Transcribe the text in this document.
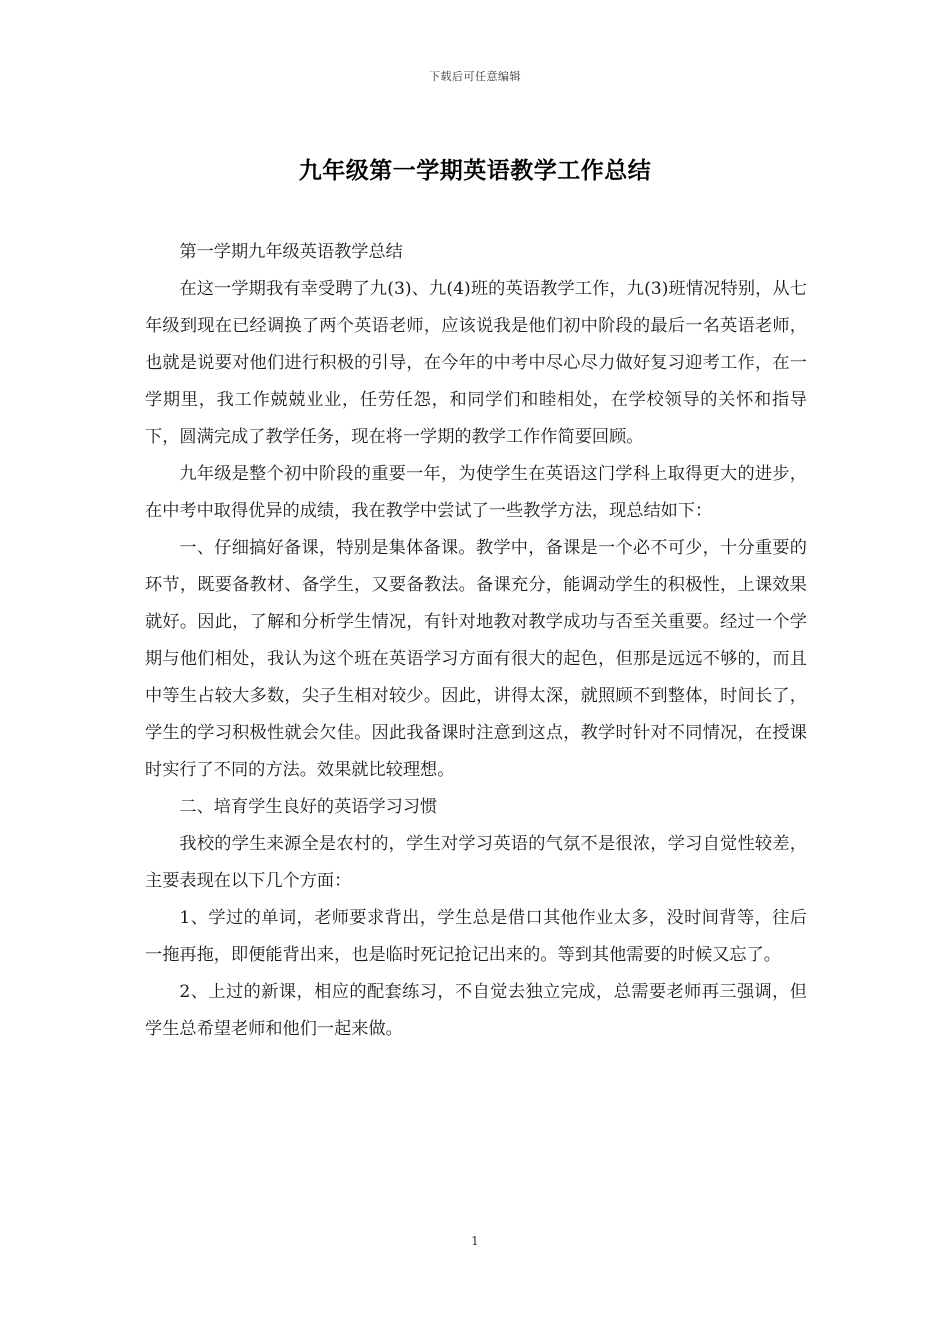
下载后可任意编辑
九年级第一学期英语教学工作总结

第一学期九年级英语教学总结

在这一学期我有幸受聘了九(3)、九(4)班的英语教学工作，九(3)班情况特别，从七年级到现在已经调换了两个英语老师，应该说我是他们初中阶段的最后一名英语老师，也就是说要对他们进行积极的引导，在今年的中考中尽心尽力做好复习迎考工作，在一学期里，我工作兢兢业业，任劳任怨，和同学们和睦相处，在学校领导的关怀和指导下，圆满完成了教学任务，现在将一学期的教学工作作简要回顾。

九年级是整个初中阶段的重要一年，为使学生在英语这门学科上取得更大的进步，在中考中取得优异的成绩，我在教学中尝试了一些教学方法，现总结如下：

一、仔细搞好备课，特别是集体备课。教学中，备课是一个必不可少，十分重要的环节，既要备教材、备学生，又要备教法。备课充分，能调动学生的积极性，上课效果就好。因此，了解和分析学生情况，有针对地教对教学成功与否至关重要。经过一个学期与他们相处，我认为这个班在英语学习方面有很大的起色，但那是远远不够的，而且中等生占较大多数，尖子生相对较少。因此，讲得太深，就照顾不到整体，时间长了，学生的学习积极性就会欠佳。因此我备课时注意到这点，教学时针对不同情况，在授课时实行了不同的方法。效果就比较理想。

二、培育学生良好的英语学习习惯

我校的学生来源全是农村的，学生对学习英语的气氛不是很浓，学习自觉性较差，主要表现在以下几个方面：

1、学过的单词，老师要求背出，学生总是借口其他作业太多，没时间背等，往后一拖再拖，即便能背出来，也是临时死记抢记出来的。等到其他需要的时候又忘了。

2、上过的新课，相应的配套练习，不自觉去独立完成，总需要老师再三强调，但学生总希望老师和他们一起来做。

1
